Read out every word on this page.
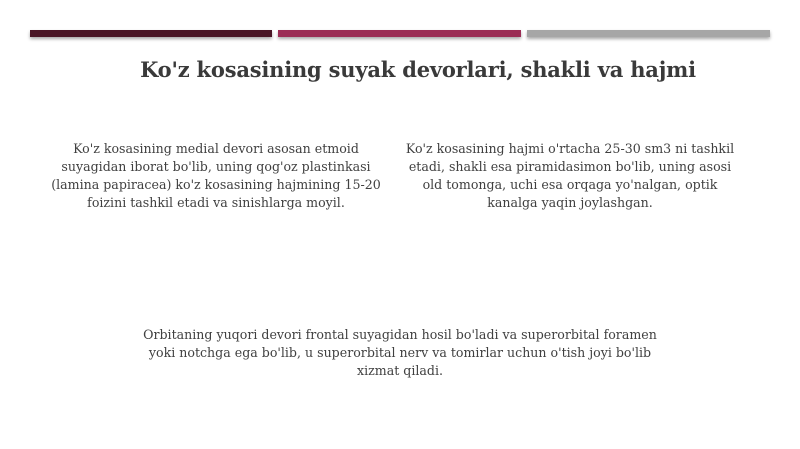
Ko'z kosasining suyak devorlari, shakli va hajmi
Ko'z kosasining medial devori asosan etmoid suyagidan iborat bo'lib, uning qog'oz plastinkasi (lamina papiracea) ko'z kosasining hajmining 15-20 foizini tashkil etadi va sinishlarga moyil.
Ko'z kosasining hajmi o'rtacha 25-30 sm3 ni tashkil etadi, shakli esa piramidasimon bo'lib, uning asosi old tomonga, uchi esa orqaga yo'nalgan, optik kanalga yaqin joylashgan.
Orbitaning yuqori devori frontal suyagidan hosil bo'ladi va superorbital foramen yoki notchga ega bo'lib, u superorbital nerv va tomirlar uchun o'tish joyi bo'lib xizmat qiladi.
